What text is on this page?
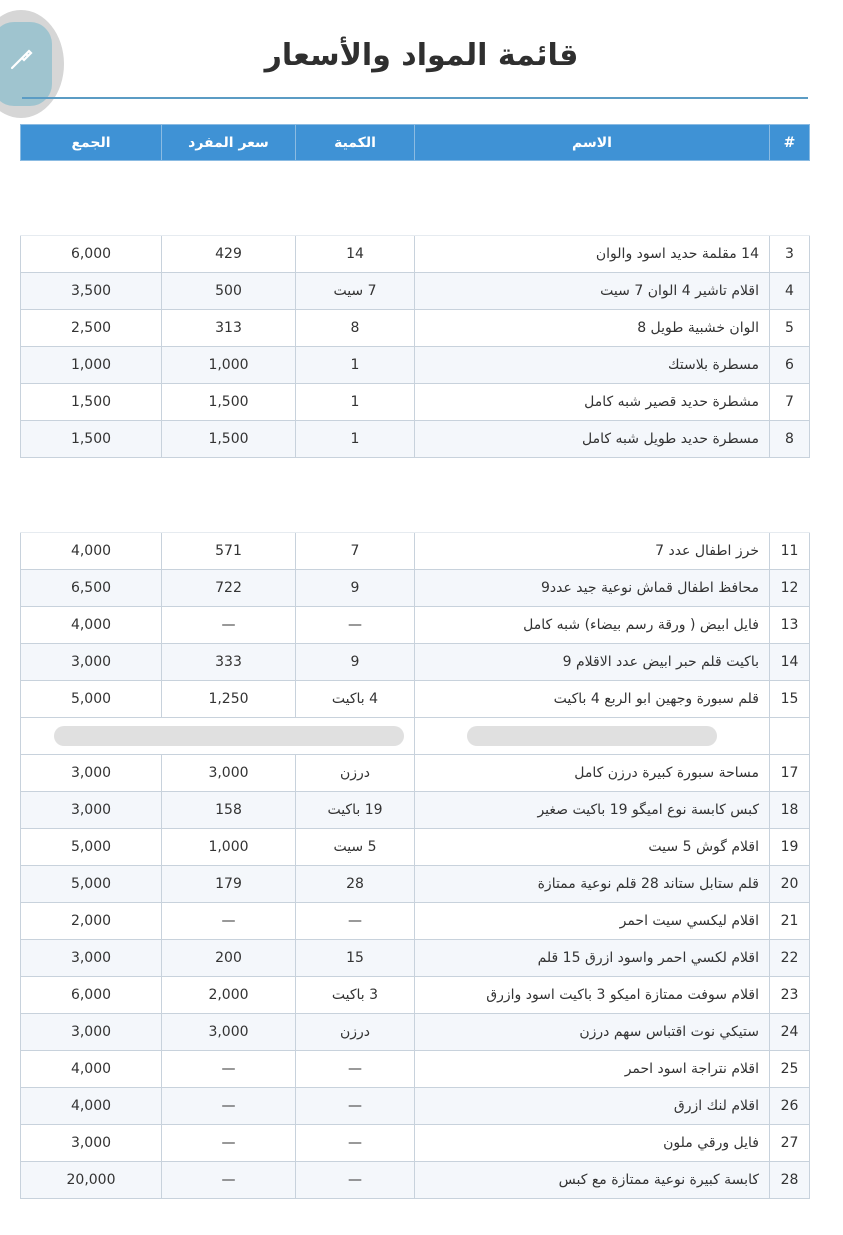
قائمة المواد والأسعار
#	الاسم	الكمية	سعر المفرد	الجمع

3	14 مقلمة حديد اسود والوان	14	429	6,000
4	اقلام تاشير 4 الوان 7 سيت	7 سيت	500	3,500
5	الوان خشبية طويل 8	8	313	2,500
6	مسطرة بلاستك	1	1,000	1,000
7	مشطرة حديد قصير شبه كامل	1	1,500	1,500
8	مسطرة حديد طويل شبه كامل	1	1,500	1,500

11	خرز اطفال عدد 7	7	571	4,000
12	محافظ اطفال قماش نوعية جيد عدد9	9	722	6,500
13	فايل ابيض ( ورقة رسم بيضاء) شبه كامل	—	—	4,000
14	باكيت قلم حبر ابيض عدد الاقلام 9	9	333	3,000
15	قلم سبورة وجهين ابو الربع 4 باكيت	4 باكيت	1,250	5,000

17	مساحة سبورة كبيرة درزن كامل	درزن	3,000	3,000
18	كبس كابسة نوع اميگو 19 باكيت صغير	19 باكيت	158	3,000
19	اقلام گوش 5 سيت	5 سيت	1,000	5,000
20	قلم ستابل ستاند 28 قلم نوعية ممتازة	28	179	5,000
21	اقلام ليكسي سيت احمر	—	—	2,000
22	اقلام لكسي احمر واسود ازرق 15 قلم	15	200	3,000
23	اقلام سوفت ممتازة اميكو 3 باكيت اسود وازرق	3 باكيت	2,000	6,000
24	ستيكي نوت اقتباس سهم درزن	درزن	3,000	3,000
25	اقلام نتراجة اسود احمر	—	—	4,000
26	اقلام لنك ازرق	—	—	4,000
27	فايل ورقي ملون	—	—	3,000
28	كابسة كبيرة نوعية ممتازة مع كبس	—	—	20,000
